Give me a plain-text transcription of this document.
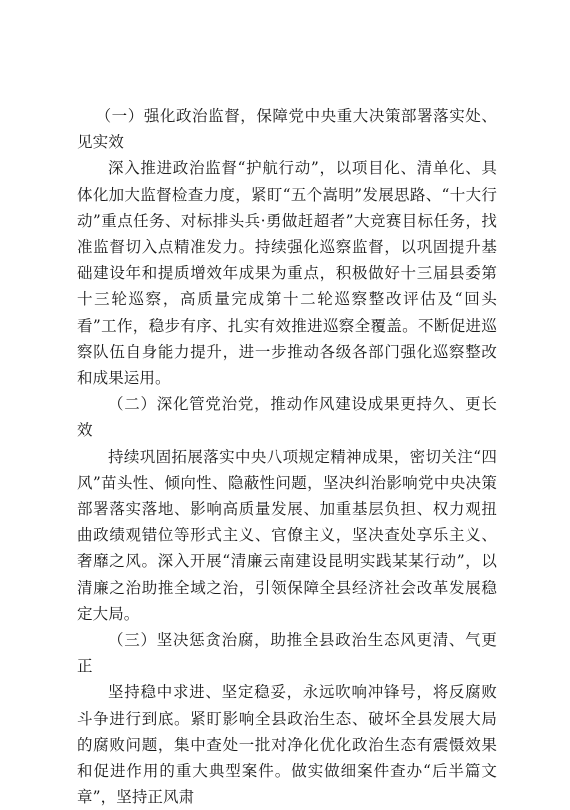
（一）强化政治监督，保障党中央重大决策部署落实处、见实效

深入推进政治监督“护航行动”，以项目化、清单化、具体化加大监督检查力度，紧盯“五个嵩明”发展思路、“十大行动”重点任务、对标排头兵·勇做赶超者”大竞赛目标任务，找准监督切入点精准发力。持续强化巡察监督，以巩固提升基础建设年和提质增效年成果为重点，积极做好十三届县委第十三轮巡察，高质量完成第十二轮巡察整改评估及“回头看”工作，稳步有序、扎实有效推进巡察全覆盖。不断促进巡察队伍自身能力提升，进一步推动各级各部门强化巡察整改和成果运用。

（二）深化管党治党，推动作风建设成果更持久、更长效

持续巩固拓展落实中央八项规定精神成果，密切关注“四风”苗头性、倾向性、隐蔽性问题，坚决纠治影响党中央决策部署落实落地、影响高质量发展、加重基层负担、权力观扭曲政绩观错位等形式主义、官僚主义，坚决查处享乐主义、奢靡之风。深入开展“清廉云南建设昆明实践某某行动”，以清廉之治助推全域之治，引领保障全县经济社会改革发展稳定大局。

（三）坚决惩贪治腐，助推全县政治生态风更清、气更正

坚持稳中求进、坚定稳妥，永远吹响冲锋号，将反腐败斗争进行到底。紧盯影响全县政治生态、破坏全县发展大局的腐败问题，集中查处一批对净化优化政治生态有震慑效果和促进作用的重大典型案件。做实做细案件查办“后半篇文章”，坚持正风肃
